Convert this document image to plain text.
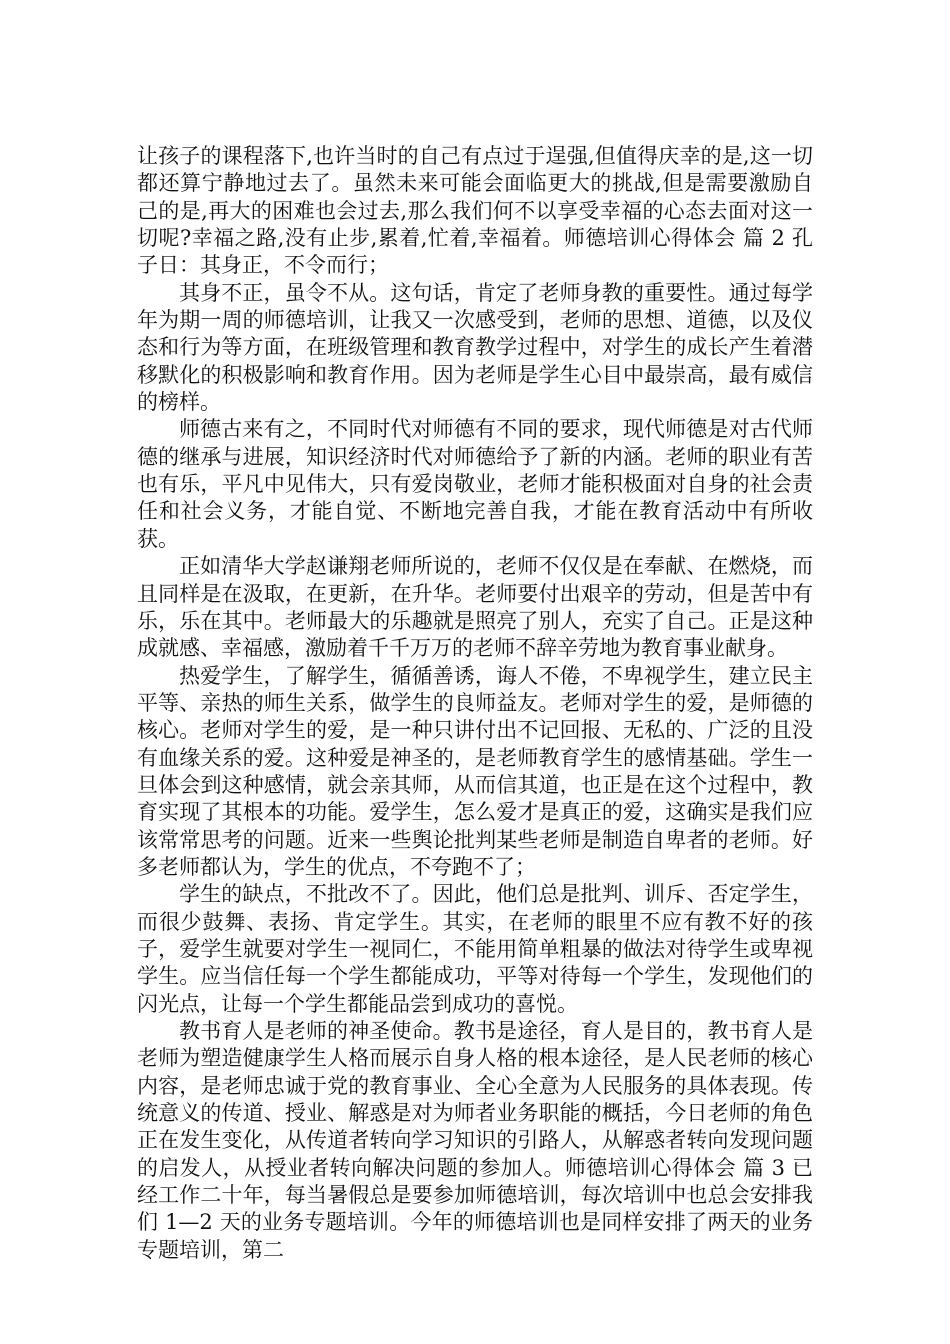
让孩子的课程落下,也许当时的自己有点过于逞强,但值得庆幸的是,这一切都还算宁静地过去了。虽然未来可能会面临更大的挑战,但是需要激励自己的是,再大的困难也会过去,那么我们何不以享受幸福的心态去面对这一切呢?幸福之路,没有止步,累着,忙着,幸福着。师德培训心得体会 篇 2 孔子日：其身正，不令而行；

其身不正，虽令不从。这句话，肯定了老师身教的重要性。通过每学年为期一周的师德培训，让我又一次感受到，老师的思想、道德，以及仪态和行为等方面，在班级管理和教育教学过程中，对学生的成长产生着潜移默化的积极影响和教育作用。因为老师是学生心目中最崇高，最有威信的榜样。

师德古来有之，不同时代对师德有不同的要求，现代师德是对古代师德的继承与进展，知识经济时代对师德给予了新的内涵。老师的职业有苦也有乐，平凡中见伟大，只有爱岗敬业，老师才能积极面对自身的社会责任和社会义务，才能自觉、不断地完善自我，才能在教育活动中有所收获。

正如清华大学赵谦翔老师所说的，老师不仅仅是在奉献、在燃烧，而且同样是在汲取，在更新，在升华。老师要付出艰辛的劳动，但是苦中有乐，乐在其中。老师最大的乐趣就是照亮了别人，充实了自己。正是这种成就感、幸福感，激励着千千万万的老师不辞辛劳地为教育事业献身。

热爱学生，了解学生，循循善诱，诲人不倦，不卑视学生，建立民主平等、亲热的师生关系，做学生的良师益友。老师对学生的爱，是师德的核心。老师对学生的爱，是一种只讲付出不记回报、无私的、广泛的且没有血缘关系的爱。这种爱是神圣的，是老师教育学生的感情基础。学生一旦体会到这种感情，就会亲其师，从而信其道，也正是在这个过程中，教育实现了其根本的功能。爱学生，怎么爱才是真正的爱，这确实是我们应该常常思考的问题。近来一些舆论批判某些老师是制造自卑者的老师。好多老师都认为，学生的优点，不夸跑不了；

学生的缺点，不批改不了。因此，他们总是批判、训斥、否定学生，而很少鼓舞、表扬、肯定学生。其实，在老师的眼里不应有教不好的孩子，爱学生就要对学生一视同仁，不能用简单粗暴的做法对待学生或卑视学生。应当信任每一个学生都能成功，平等对待每一个学生，发现他们的闪光点，让每一个学生都能品尝到成功的喜悦。

教书育人是老师的神圣使命。教书是途径，育人是目的，教书育人是老师为塑造健康学生人格而展示自身人格的根本途径，是人民老师的核心内容，是老师忠诚于党的教育事业、全心全意为人民服务的具体表现。传统意义的传道、授业、解惑是对为师者业务职能的概括，今日老师的角色正在发生变化，从传道者转向学习知识的引路人，从解惑者转向发现问题的启发人，从授业者转向解决问题的参加人。师德培训心得体会 篇 3 已经工作二十年，每当暑假总是要参加师德培训，每次培训中也总会安排我们 1—2 天的业务专题培训。今年的师德培训也是同样安排了两天的业务专题培训，第二
